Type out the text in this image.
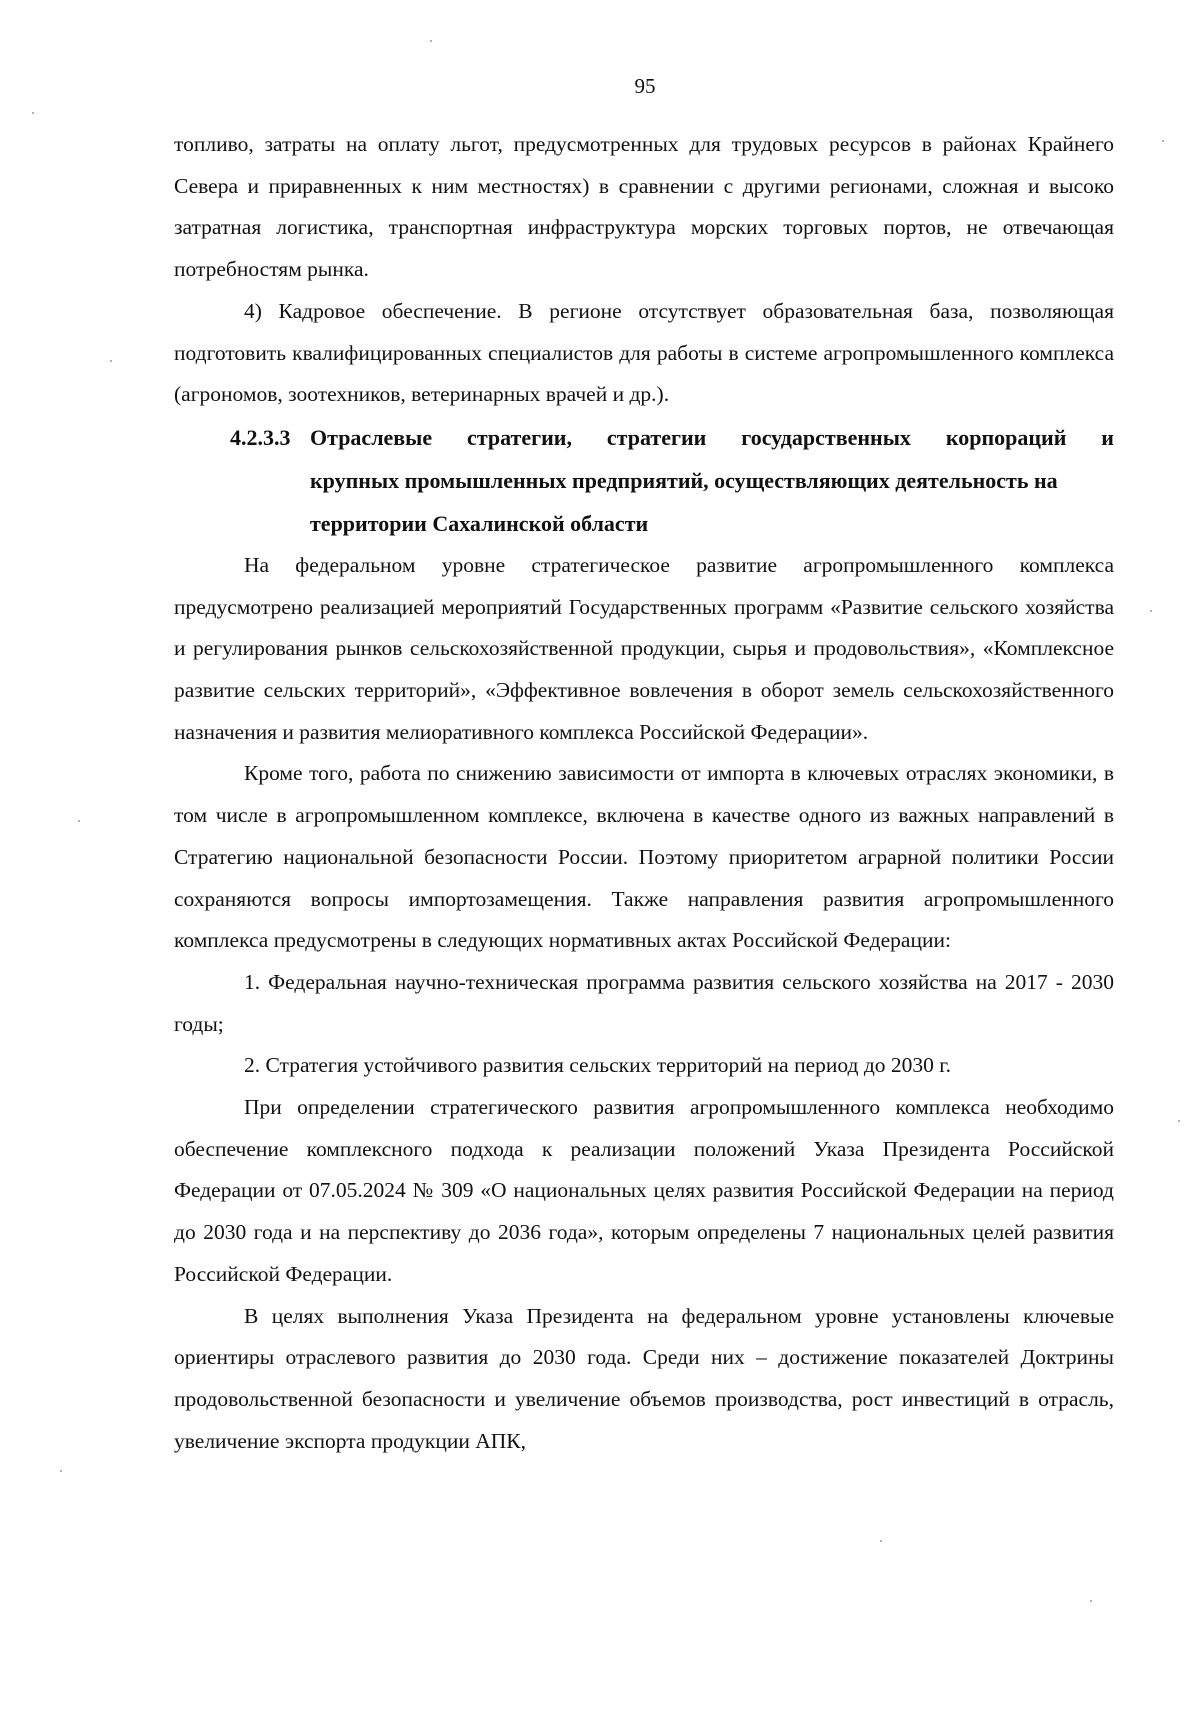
95

топливо, затраты на оплату льгот, предусмотренных для трудовых ресурсов в районах Крайнего Севера и приравненных к ним местностях) в сравнении с другими регионами, сложная и высоко затратная логистика, транспортная инфраструктура морских торговых портов, не отвечающая потребностям рынка.

4) Кадровое обеспечение. В регионе отсутствует образовательная база, позволяющая подготовить квалифицированных специалистов для работы в системе агропромышленного комплекса (агрономов, зоотехников, ветеринарных врачей и др.).

4.2.3.3 Отраслевые стратегии, стратегии государственных корпораций и
крупных промышленных предприятий, осуществляющих деятельность на территории Сахалинской области

На федеральном уровне стратегическое развитие агропромышленного комплекса предусмотрено реализацией мероприятий Государственных программ «Развитие сельского хозяйства и регулирования рынков сельскохозяйственной продукции, сырья и продовольствия», «Комплексное развитие сельских территорий», «Эффективное вовлечения в оборот земель сельскохозяйственного назначения и развития мелиоративного комплекса Российской Федерации».

Кроме того, работа по снижению зависимости от импорта в ключевых отраслях экономики, в том числе в агропромышленном комплексе, включена в качестве одного из важных направлений в Стратегию национальной безопасности России. Поэтому приоритетом аграрной политики России сохраняются вопросы импортозамещения. Также направления развития агропромышленного комплекса предусмотрены в следующих нормативных актах Российской Федерации:

1. Федеральная научно-техническая программа развития сельского хозяйства на 2017 - 2030 годы;

2. Стратегия устойчивого развития сельских территорий на период до 2030 г.

При определении стратегического развития агропромышленного комплекса необходимо обеспечение комплексного подхода к реализации положений Указа Президента Российской Федерации от 07.05.2024 № 309 «О национальных целях развития Российской Федерации на период до 2030 года и на перспективу до 2036 года», которым определены 7 национальных целей развития Российской Федерации.

В целях выполнения Указа Президента на федеральном уровне установлены ключевые ориентиры отраслевого развития до 2030 года. Среди них – достижение показателей Доктрины продовольственной безопасности и увеличение объемов производства, рост инвестиций в отрасль, увеличение экспорта продукции АПК,
